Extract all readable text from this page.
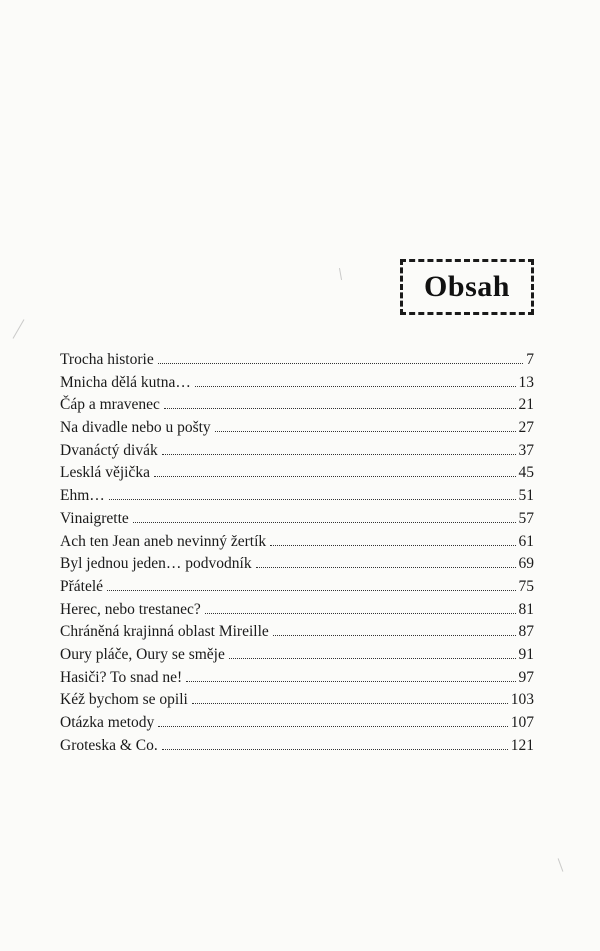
Obsah
Trocha historie	7
Mnicha dělá kutna…	13
Čáp a mravenec	21
Na divadle nebo u pošty	27
Dvanáctý divák	37
Lesklá vějička	45
Ehm…	51
Vinaigrette	57
Ach ten Jean aneb nevinný žertík	61
Byl jednou jeden… podvodník	69
Přátelé	75
Herec, nebo trestanec?	81
Chráněná krajinná oblast Mireille	87
Oury pláče, Oury se směje	91
Hasiči? To snad ne!	97
Kéž bychom se opili	103
Otázka metody	107
Groteska & Co.	121
